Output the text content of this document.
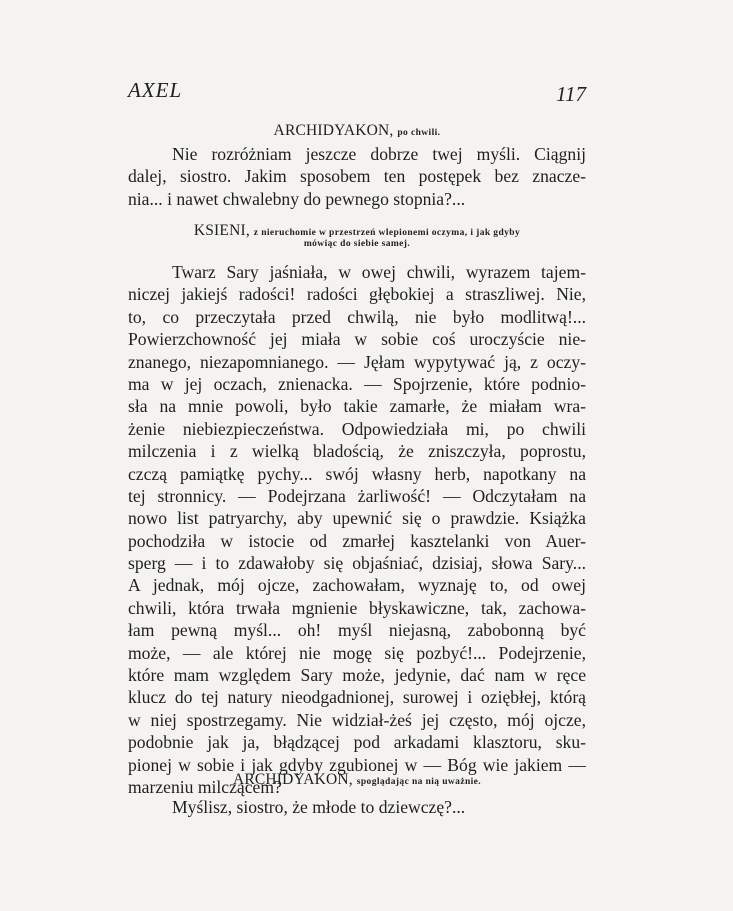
AXEL	117
ARCHIDYAKON, po chwili.
Nie rozróżniam jeszcze dobrze twej myśli. Ciągnij
dalej, siostro. Jakim sposobem ten postępek bez znacze-
nia... i nawet chwalebny do pewnego stopnia?...
KSIENI, z nieruchomie w przestrzeń wlepionemi oczyma, i jak gdyby
mówiąc do siebie samej.
Twarz Sary jaśniała, w owej chwili, wyrazem tajem-
niczej jakiejś radości! radości głębokiej a straszliwej. Nie,
to, co przeczytała przed chwilą, nie było modlitwą!...
Powierzchowność jej miała w sobie coś uroczyście nie-
znanego, niezapomnianego. — Jęłam wypytywać ją, z oczy-
ma w jej oczach, znienacka. — Spojrzenie, które podnio-
sła na mnie powoli, było takie zamarłe, że miałam wra-
żenie niebiezpieczeństwa. Odpowiedziała mi, po chwili
milczenia i z wielką bladością, że zniszczyła, poprostu,
czczą pamiątkę pychy... swój własny herb, napotkany na
tej stronnicy. — Podejrzana żarliwość! — Odczytałam na
nowo list patryarchy, aby upewnić się o prawdzie. Książka
pochodziła w istocie od zmarłej kasztelanki von Auer-
sperg — i to zdawałoby się objaśniać, dzisiaj, słowa Sary...
A jednak, mój ojcze, zachowałam, wyznaję to, od owej
chwili, która trwała mgnienie błyskawiczne, tak, zachowa-
łam pewną myśl... oh! myśl niejasną, zabobonną być
może, — ale której nie mogę się pozbyć!... Podejrzenie,
które mam względem Sary może, jedynie, dać nam w ręce
klucz do tej natury nieodgadnionej, surowej i oziębłej, którą
w niej spostrzegamy. Nie widział-żeś jej często, mój ojcze,
podobnie jak ja, błądzącej pod arkadami klasztoru, sku-
pionej w sobie i jak gdyby zgubionej w — Bóg wie jakiem —
marzeniu milczącem?
ARCHIDYAKON, spoglądając na nią uważnie.
Myślisz, siostro, że młode to dziewczę?...
